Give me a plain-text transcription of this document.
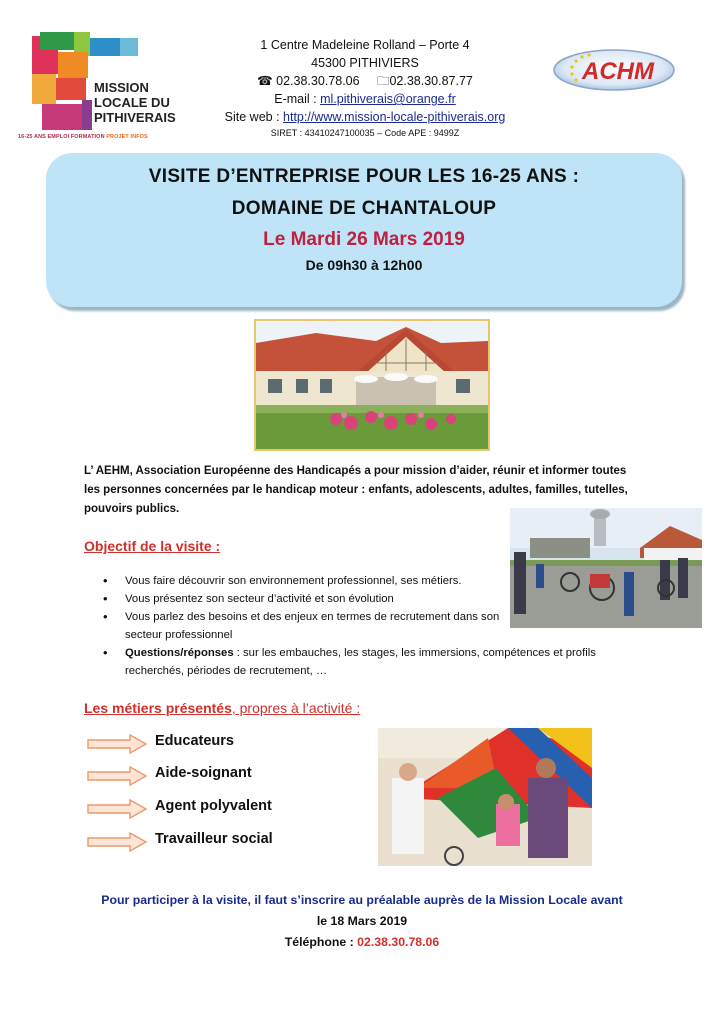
MISSION
LOCALE DU
PITHIVERAIS
16-25 ANS EMPLOI FORMATION PROJET INFOS
1 Centre Madeleine Rolland – Porte 4
45300 PITHIVIERS
☎ 02.38.30.78.06 🗀02.38.30.87.77
E-mail : ml.pithiverais@orange.fr
Site web : http://www.mission-locale-pithiverais.org
SIRET : 43410247100035 – Code APE : 9499Z
ACHM
VISITE D’ENTREPRISE POUR LES 16-25 ANS :
DOMAINE DE CHANTALOUP
Le Mardi 26 Mars 2019
De 09h30 à 12h00
L’ AEHM, Association Européenne des Handicapés a pour mission d’aider, réunir et informer toutes les personnes concernées par le handicap moteur : enfants, adolescents, adultes, familles, tutelles, pouvoirs publics.
Objectif de la visite :
• Vous faire découvrir son environnement professionnel, ses métiers.
• Vous présentez son secteur d’activité et son évolution
• Vous parlez des besoins et des enjeux en termes de recrutement dans son secteur professionnel
• Questions/réponses : sur les embauches, les stages, les immersions, compétences et profils recherchés, périodes de recrutement, …
Les métiers présentés, propres à l’activité :
Educateurs
Aide-soignant
Agent polyvalent
Travailleur social
Pour participer à la visite, il faut s’inscrire au préalable auprès de la Mission Locale avant
le 18 Mars 2019
Téléphone : 02.38.30.78.06
